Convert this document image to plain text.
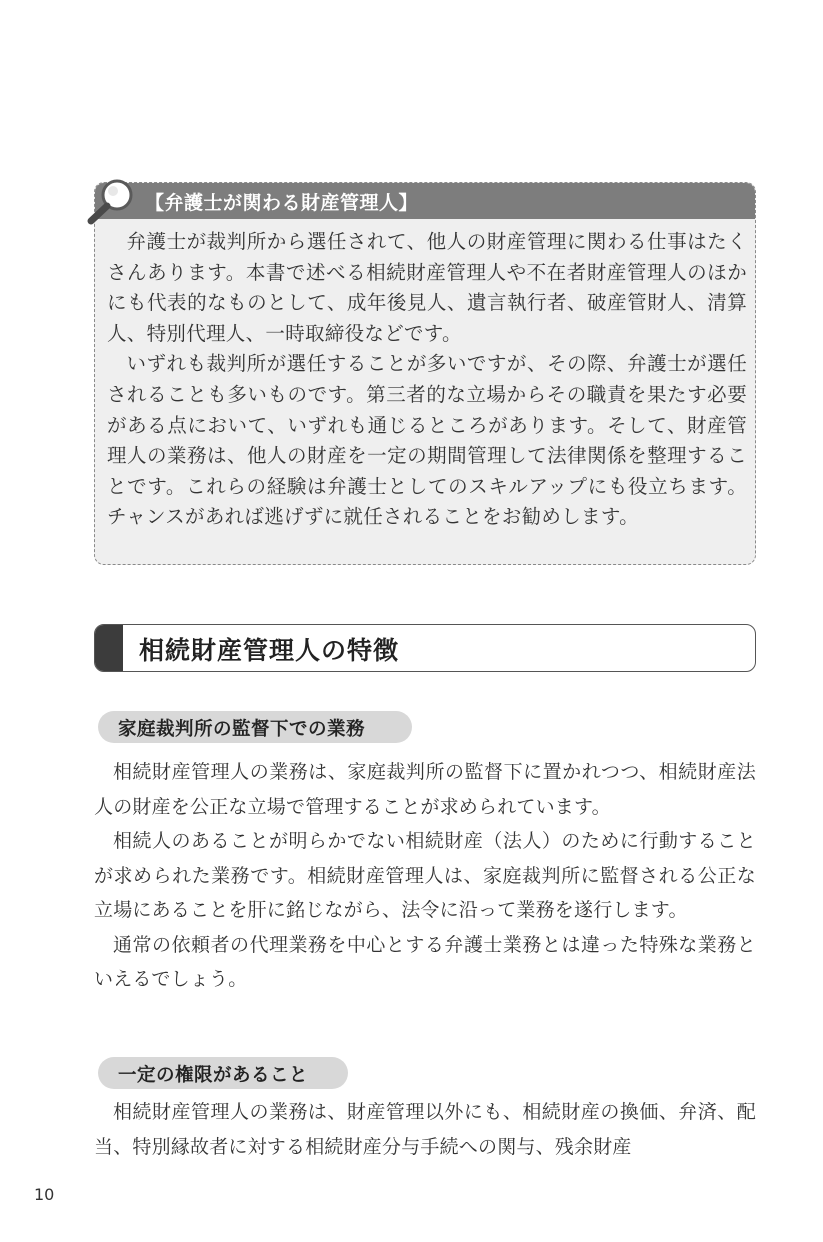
【弁護士が関わる財産管理人】

弁護士が裁判所から選任されて、他人の財産管理に関わる仕事はたくさんあります。本書で述べる相続財産管理人や不在者財産管理人のほかにも代表的なものとして、成年後見人、遺言執行者、破産管財人、清算人、特別代理人、一時取締役などです。

いずれも裁判所が選任することが多いですが、その際、弁護士が選任されることも多いものです。第三者的な立場からその職責を果たす必要がある点において、いずれも通じるところがあります。そして、財産管理人の業務は、他人の財産を一定の期間管理して法律関係を整理することです。これらの経験は弁護士としてのスキルアップにも役立ちます。チャンスがあれば逃げずに就任されることをお勧めします。

相続財産管理人の特徴
家庭裁判所の監督下での業務

相続財産管理人の業務は、家庭裁判所の監督下に置かれつつ、相続財産法人の財産を公正な立場で管理することが求められています。

相続人のあることが明らかでない相続財産（法人）のために行動することが求められた業務です。相続財産管理人は、家庭裁判所に監督される公正な立場にあることを肝に銘じながら、法令に沿って業務を遂行します。

通常の依頼者の代理業務を中心とする弁護士業務とは違った特殊な業務といえるでしょう。

一定の権限があること

相続財産管理人の業務は、財産管理以外にも、相続財産の換価、弁済、配当、特別縁故者に対する相続財産分与手続への関与、残余財産

10
